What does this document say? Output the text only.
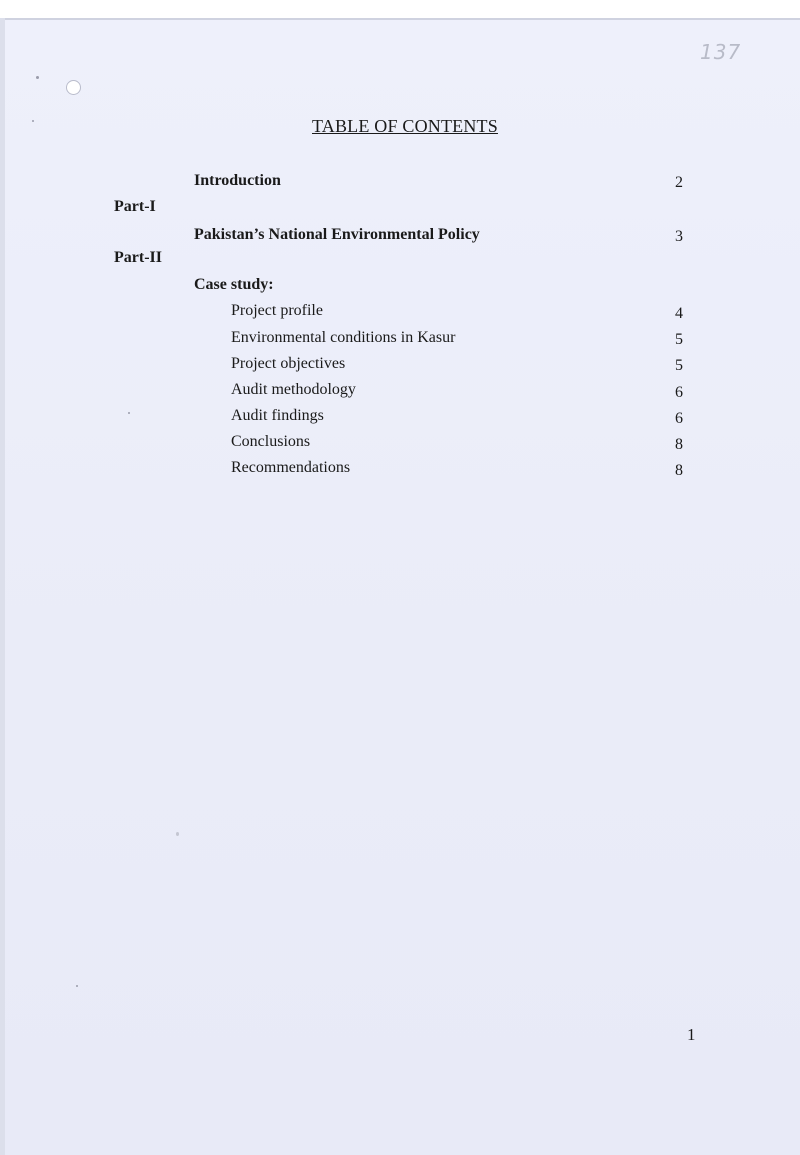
137
TABLE OF CONTENTS
Introduction	2
Part-I
Pakistan’s National Environmental Policy	3
Part-II
Case study:
Project profile	4
Environmental conditions in Kasur	5
Project objectives	5
Audit methodology	6
Audit findings	6
Conclusions	8
Recommendations	8
1
